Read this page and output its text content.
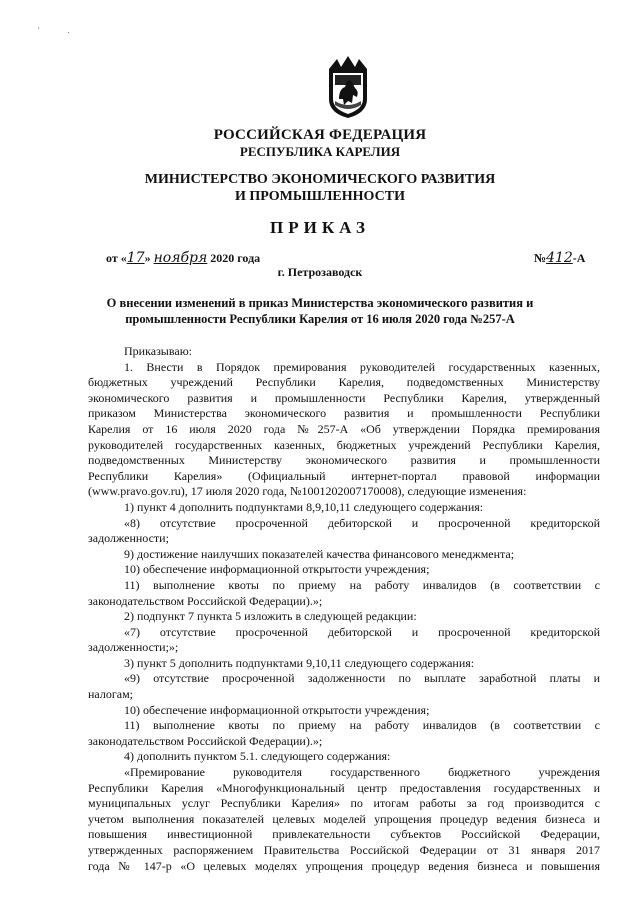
'              .
РОССИЙСКАЯ ФЕДЕРАЦИЯ
РЕСПУБЛИКА КАРЕЛИЯ
МИНИСТЕРСТВО ЭКОНОМИЧЕСКОГО РАЗВИТИЯ
И ПРОМЫШЛЕННОСТИ
ПРИКАЗ
от «17» ноября 2020 года	№412-А
г. Петрозаводск
О внесении изменений в приказ Министерства экономического развития и
промышленности Республики Карелия от 16 июля 2020 года №257-А

Приказываю:

1. Внести в Порядок премирования руководителей государственных казенных,

бюджетных учреждений Республики Карелия, подведомственных Министерству

экономического развития и промышленности Республики Карелия, утвержденный

приказом Министерства экономического развития и промышленности Республики

Карелия от 16 июля 2020 года №257-А «Об утверждении Порядка премирования

руководителей государственных казенных, бюджетных учреждений Республики Карелия,

подведомственных Министерству экономического развития и промышленности

Республики Карелия» (Официальный интернет-портал правовой информации

(www.pravo.gov.ru), 17 июля 2020 года, №1001202007170008), следующие изменения:

1) пункт 4 дополнить подпунктами 8,9,10,11 следующего содержания:

«8) отсутствие просроченной дебиторской и просроченной кредиторской

задолженности;

9) достижение наилучших показателей качества финансового менеджмента;

10) обеспечение информационной открытости учреждения;

11) выполнение квоты по приему на работу инвалидов (в соответствии с

законодательством Российской Федерации).»;

2) подпункт 7 пункта 5 изложить в следующей редакции:

«7) отсутствие просроченной дебиторской и просроченной кредиторской

задолженности;»;

3) пункт 5 дополнить подпунктами 9,10,11 следующего содержания:

«9) отсутствие просроченной задолженности по выплате заработной платы и

налогам;

10) обеспечение информационной открытости учреждения;

11) выполнение квоты по приему на работу инвалидов (в соответствии с

законодательством Российской Федерации).»;

4) дополнить пунктом 5.1. следующего содержания:

«Премирование руководителя государственного бюджетного учреждения

Республики Карелия «Многофункциональный центр предоставления государственных и

муниципальных услуг Республики Карелия» по итогам работы за год производится с

учетом выполнения показателей целевых моделей упрощения процедур ведения бизнеса и

повышения инвестиционной привлекательности субъектов Российской Федерации,

утвержденных распоряжением Правительства Российской Федерации от 31 января 2017

года № 147-р «О целевых моделях упрощения процедур ведения бизнеса и повышения
